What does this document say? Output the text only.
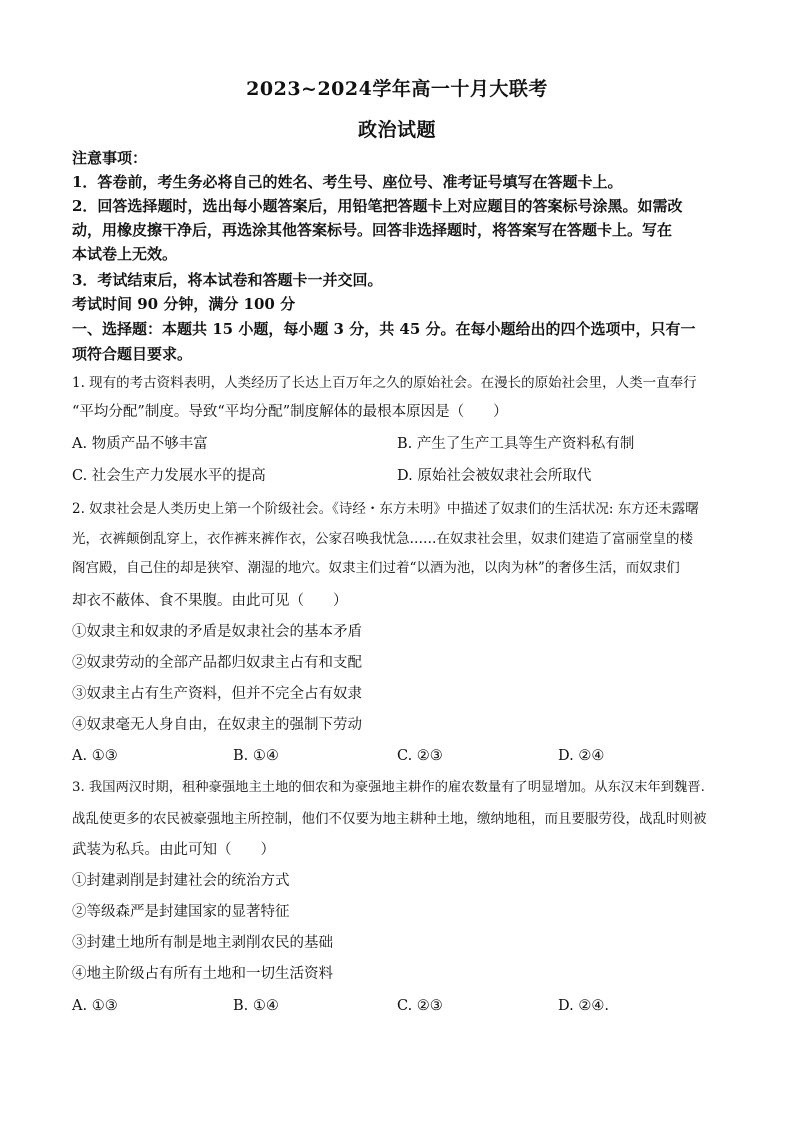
2023~2024学年高一十月大联考
政治试题
注意事项：
1．答卷前，考生务必将自己的姓名、考生号、座位号、准考证号填写在答题卡上。
2．回答选择题时，选出每小题答案后，用铅笔把答题卡上对应题目的答案标号涂黑。如需改
动，用橡皮擦干净后，再选涂其他答案标号。回答非选择题时，将答案写在答题卡上。写在
本试卷上无效。
3．考试结束后，将本试卷和答题卡一并交回。
考试时间 90 分钟，满分 100 分
一、选择题：本题共 15 小题，每小题 3 分，共 45 分。在每小题给出的四个选项中，只有一
项符合题目要求。
1. 现有的考古资料表明，人类经历了长达上百万年之久的原始社会。在漫长的原始社会里，人类一直奉行
“平均分配”制度。导致“平均分配”制度解体的最根本原因是（　　）
A. 物质产品不够丰富	B. 产生了生产工具等生产资料私有制
C. 社会生产力发展水平的提高	D. 原始社会被奴隶社会所取代
2. 奴隶社会是人类历史上第一个阶级社会。《诗经・东方未明》中描述了奴隶们的生活状况: 东方还未露曙
光，衣裤颠倒乱穿上，衣作裤来裤作衣，公家召唤我忧急……在奴隶社会里，奴隶们建造了富丽堂皇的楼
阁宫殿，自己住的却是狭窄、潮湿的地穴。奴隶主们过着“以酒为池，以肉为林”的奢侈生活，而奴隶们
却衣不蔽体、食不果腹。由此可见（　　）
①奴隶主和奴隶的矛盾是奴隶社会的基本矛盾
②奴隶劳动的全部产品都归奴隶主占有和支配
③奴隶主占有生产资料，但并不完全占有奴隶
④奴隶毫无人身自由，在奴隶主的强制下劳动
A. ①③	B. ①④	C. ②③	D. ②④
3. 我国两汉时期，租种豪强地主土地的佃农和为豪强地主耕作的雇农数量有了明显增加。从东汉末年到魏晋.
战乱使更多的农民被豪强地主所控制，他们不仅要为地主耕种土地，缴纳地租，而且要服劳役，战乱时则被
武装为私兵。由此可知（　　）
①封建剥削是封建社会的统治方式
②等级森严是封建国家的显著特征
③封建土地所有制是地主剥削农民的基础
④地主阶级占有所有土地和一切生活资料
A. ①③	B. ①④	C. ②③	D. ②④.
